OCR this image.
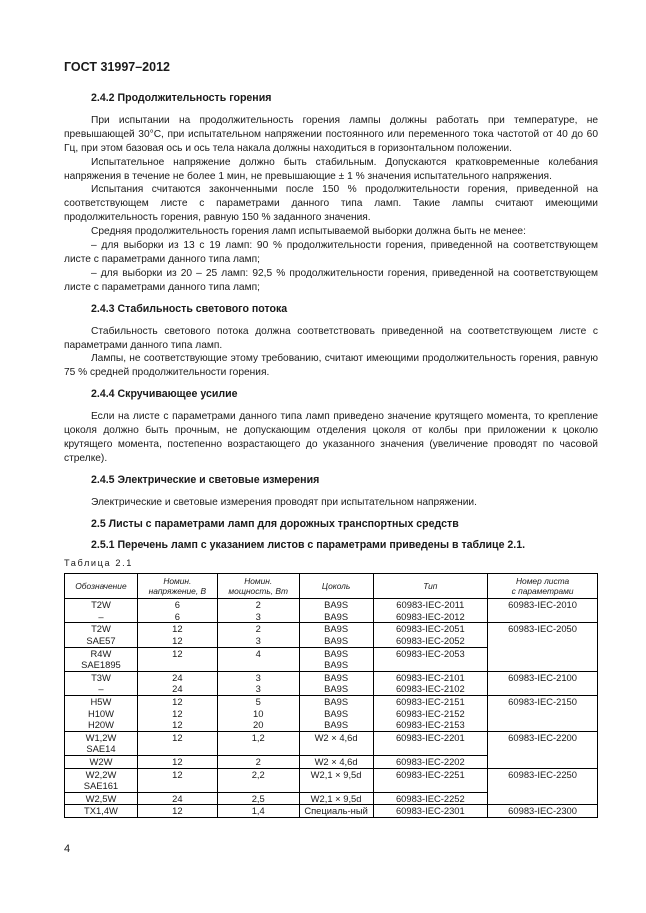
ГОСТ 31997–2012
2.4.2 Продолжительность горения

При испытании на продолжительность горения лампы должны работать при температуре, не превышающей 30°С, при испытательном напряжении постоянного или переменного тока частотой от 40 до 60 Гц, при этом базовая ось и ось тела накала должны находиться в горизонтальном положении.

Испытательное напряжение должно быть стабильным. Допускаются кратковременные колебания напряжения в течение не более 1 мин, не превышающие ± 1 % значения испытательного напряжения.

Испытания считаются законченными после 150 % продолжительности горения, приведенной на соответствующем листе с параметрами данного типа ламп. Такие лампы считают имеющими продолжительность горения, равную 150 % заданного значения.

Средняя продолжительность горения ламп испытываемой выборки должна быть не менее:

– для выборки из 13 с 19 ламп: 90 % продолжительности горения, приведенной на соответствующем листе с параметрами данного типа ламп;

– для выборки из 20 – 25 ламп: 92,5 % продолжительности горения, приведенной на соответствующем листе с параметрами данного типа ламп;

2.4.3 Стабильность светового потока

Стабильность светового потока должна соответствовать приведенной на соответствующем листе с параметрами данного типа ламп.

Лампы, не соответствующие этому требованию, считают имеющими продолжительность горения, равную 75 % средней продолжительности горения.

2.4.4 Скручивающее усилие

Если на листе с параметрами данного типа ламп приведено значение крутящего момента, то крепление цоколя должно быть прочным, не допускающим отделения цоколя от колбы при приложении к цоколю крутящего момента, постепенно возрастающего до указанного значения (увеличение проводят по часовой стрелке).

2.4.5 Электрические и световые измерения

Электрические и световые измерения проводят при испытательном напряжении.

2.5 Листы с параметрами ламп для дорожных транспортных средств
2.5.1 Перечень ламп с указанием листов с параметрами приведены в таблице 2.1.
Таблица 2.1
Обозначение	Номин.
напряжение, В	Номин.
мощность, Вт	Цоколь	Тип	Номер листа
с параметрами
T2W	6	2	BA9S	60983-IEC-2011	60983-IEC-2010
–	6	3	BA9S	60983-IEC-2012	
T2W	12	2	BA9S	60983-IEC-2051	60983-IEC-2050
SAE57	12	3	BA9S	60983-IEC-2052	
R4W	12	4	BA9S	60983-IEC-2053	
SAE1895			BA9S		
T3W	24	3	BA9S	60983-IEC-2101	60983-IEC-2100
–	24	3	BA9S	60983-IEC-2102	
H5W	12	5	BA9S	60983-IEC-2151	60983-IEC-2150
H10W	12	10	BA9S	60983-IEC-2152	
H20W	12	20	BA9S	60983-IEC-2153	
W1,2W	12	1,2	W2 × 4,6d	60983-IEC-2201	60983-IEC-2200
SAE14					
W2W	12	2	W2 × 4,6d	60983-IEC-2202	
W2,2W	12	2,2	W2,1 × 9,5d	60983-IEC-2251	60983-IEC-2250
SAE161					
W2,5W	24	2,5	W2,1 × 9,5d	60983-IEC-2252	
TX1,4W	12	1,4	Специаль-ный	60983-IEC-2301	60983-IEC-2300
4
